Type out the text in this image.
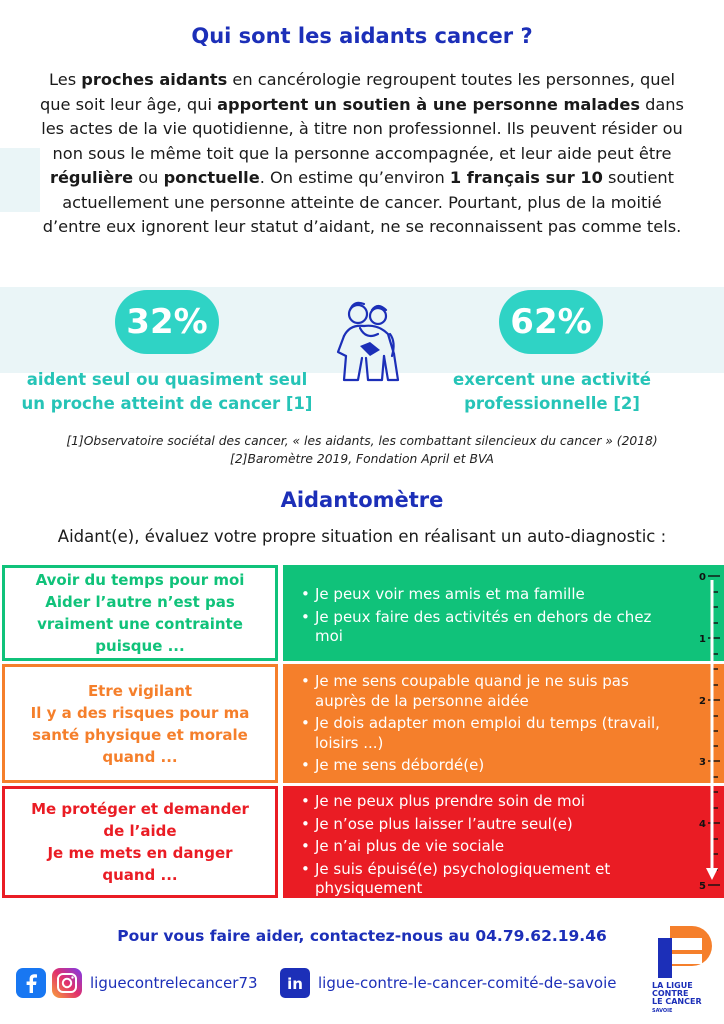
Qui sont les aidants cancer ?

Les proches aidants en cancérologie regroupent toutes les personnes, quel que soit leur âge, qui apportent un soutien à une personne malades dans les actes de la vie quotidienne, à titre non professionnel. Ils peuvent résider ou non sous le même toit que la personne accompagnée, et leur aide peut être régulière ou ponctuelle. On estime qu’environ 1 français sur 10 soutient actuellement une personne atteinte de cancer. Pourtant, plus de la moitié d’entre eux ignorent leur statut d’aidant, ne se reconnaissent pas comme tels.

32%

aident seul ou quasiment seul
un proche atteint de cancer [1]

62%

exercent une activité
professionnelle [2]

[1]Observatoire sociétal des cancer, « les aidants, les combattant silencieux du cancer » (2018)
[2]Baromètre 2019, Fondation April et BVA
Aidantomètre

Aidant(e), évaluez votre propre situation en réalisant un auto-diagnostic :

Avoir du temps pour moi
Aider l’autre n’est pas
vraiment une contrainte
puisque ...
• Je peux voir mes amis et ma famille
• Je peux faire des activités en dehors de chez moi
Etre vigilant
Il y a des risques pour ma
santé physique et morale
quand ...
• Je me sens coupable quand je ne suis pas auprès de la personne aidée
• Je dois adapter mon emploi du temps (travail, loisirs ...)
• Je me sens débordé(e)
Me protéger et demander
de l’aide
Je me mets en danger
quand ...
• Je ne peux plus prendre soin de moi
• Je n’ose plus laisser l’autre seul(e)
• Je n’ai plus de vie sociale
• Je suis épuisé(e) psychologiquement et physiquement
0
1
2
3
4
5

Pour vous faire aider, contactez-nous au 04.79.62.19.46

liguecontrelecancer73 in ligue-contre-le-cancer-comité-de-savoie	LA LIGUE
CONTRE
LE CANCER
SAVOIE
